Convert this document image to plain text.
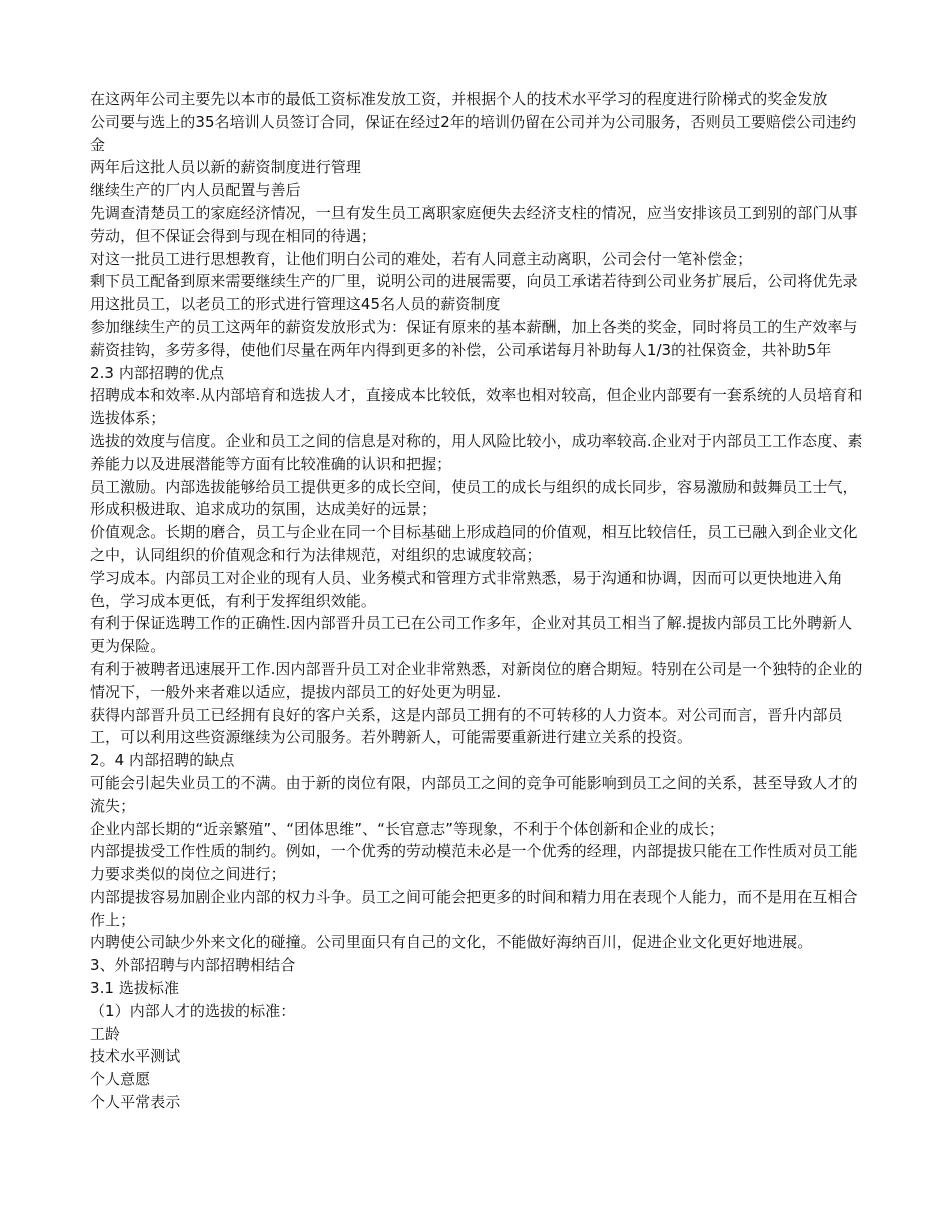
在这两年公司主要先以本市的最低工资标准发放工资，并根据个人的技术水平学习的程度进行阶梯式的奖金发放

公司要与选上的35名培训人员签订合同，保证在经过2年的培训仍留在公司并为公司服务，否则员工要赔偿公司违约金

两年后这批人员以新的薪资制度进行管理

继续生产的厂内人员配置与善后

先调查清楚员工的家庭经济情况，一旦有发生员工离职家庭便失去经济支柱的情况，应当安排该员工到别的部门从事劳动，但不保证会得到与现在相同的待遇；

对这一批员工进行思想教育，让他们明白公司的难处，若有人同意主动离职，公司会付一笔补偿金；

剩下员工配备到原来需要继续生产的厂里，说明公司的进展需要，向员工承诺若待到公司业务扩展后，公司将优先录用这批员工，以老员工的形式进行管理这45名人员的薪资制度

参加继续生产的员工这两年的薪资发放形式为：保证有原来的基本薪酬，加上各类的奖金，同时将员工的生产效率与薪资挂钩，多劳多得，使他们尽量在两年内得到更多的补偿，公司承诺每月补助每人1/3的社保资金，共补助5年

2.3 内部招聘的优点

招聘成本和效率.从内部培育和选拔人才，直接成本比较低，效率也相对较高，但企业内部要有一套系统的人员培育和选拔体系；

选拔的效度与信度。企业和员工之间的信息是对称的，用人风险比较小，成功率较高.企业对于内部员工工作态度、素养能力以及进展潜能等方面有比较准确的认识和把握；

员工激励。内部选拔能够给员工提供更多的成长空间，使员工的成长与组织的成长同步，容易激励和鼓舞员工士气，形成积极进取、追求成功的氛围，达成美好的远景；

价值观念。长期的磨合，员工与企业在同一个目标基础上形成趋同的价值观，相互比较信任，员工已融入到企业文化之中，认同组织的价值观念和行为法律规范，对组织的忠诚度较高；

学习成本。内部员工对企业的现有人员、业务模式和管理方式非常熟悉，易于沟通和协调，因而可以更快地进入角色，学习成本更低，有利于发挥组织效能。

有利于保证选聘工作的正确性.因内部晋升员工已在公司工作多年，企业对其员工相当了解.提拔内部员工比外聘新人更为保险。

有利于被聘者迅速展开工作.因内部晋升员工对企业非常熟悉，对新岗位的磨合期短。特别在公司是一个独特的企业的情况下，一般外来者难以适应，提拔内部员工的好处更为明显.

获得内部晋升员工已经拥有良好的客户关系，这是内部员工拥有的不可转移的人力资本。对公司而言，晋升内部员工，可以利用这些资源继续为公司服务。若外聘新人，可能需要重新进行建立关系的投资。

2。4 内部招聘的缺点

可能会引起失业员工的不满。由于新的岗位有限，内部员工之间的竞争可能影响到员工之间的关系，甚至导致人才的流失；

企业内部长期的“近亲繁殖”、“团体思维”、“长官意志”等现象，不利于个体创新和企业的成长；

内部提拔受工作性质的制约。例如，一个优秀的劳动模范未必是一个优秀的经理，内部提拔只能在工作性质对员工能力要求类似的岗位之间进行；

内部提拔容易加剧企业内部的权力斗争。员工之间可能会把更多的时间和精力用在表现个人能力，而不是用在互相合作上；

内聘使公司缺少外来文化的碰撞。公司里面只有自己的文化，不能做好海纳百川，促进企业文化更好地进展。

3、外部招聘与内部招聘相结合

3.1 选拔标准

（1）内部人才的选拔的标准：

工龄

技术水平测试

个人意愿

个人平常表示
